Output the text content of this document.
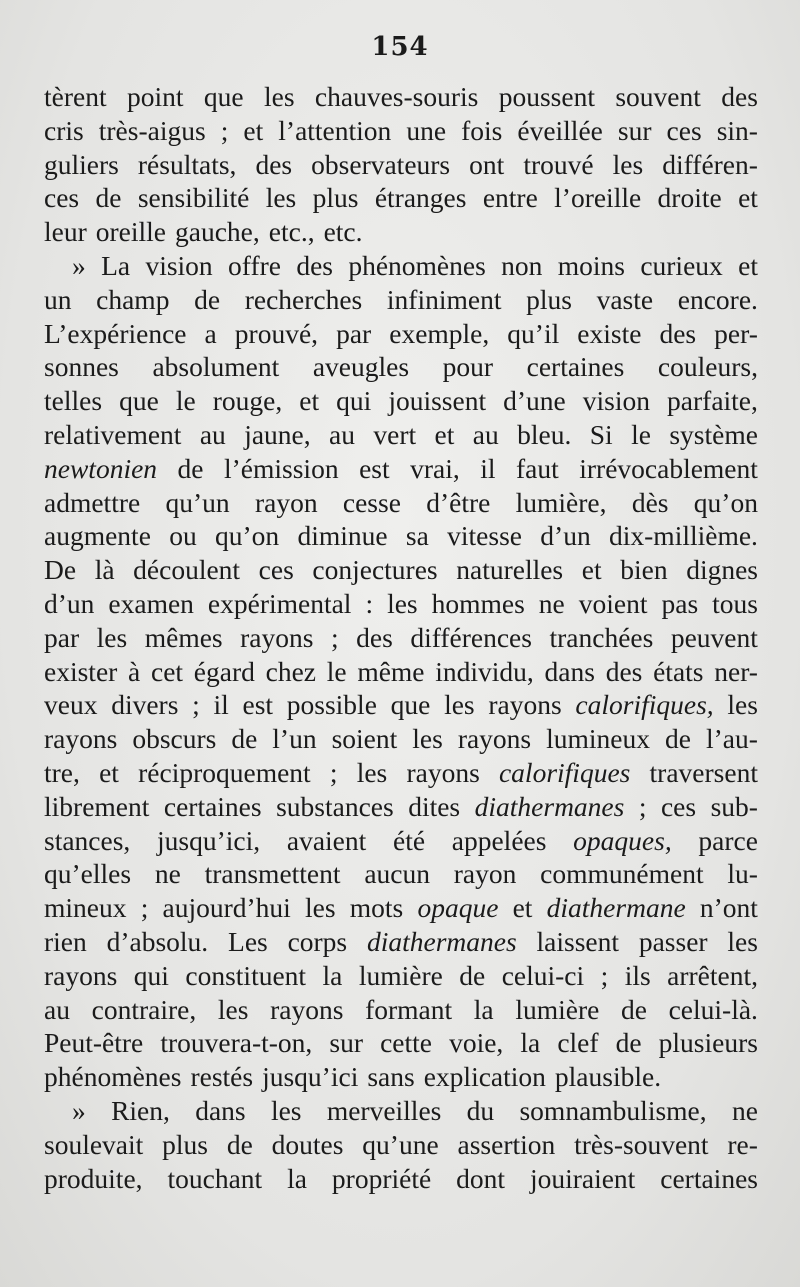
154
tèrent point que les chauves-souris poussent souvent des
cris très-aigus ; et l’attention une fois éveillée sur ces sin-
guliers résultats, des observateurs ont trouvé les différen-
ces de sensibilité les plus étranges entre l’oreille droite et
leur oreille gauche, etc., etc.
» La vision offre des phénomènes non moins curieux et
un champ de recherches infiniment plus vaste encore.
L’expérience a prouvé, par exemple, qu’il existe des per-
sonnes absolument aveugles pour certaines couleurs,
telles que le rouge, et qui jouissent d’une vision parfaite,
relativement au jaune, au vert et au bleu. Si le système
newtonien de l’émission est vrai, il faut irrévocablement
admettre qu’un rayon cesse d’être lumière, dès qu’on
augmente ou qu’on diminue sa vitesse d’un dix-millième.
De là découlent ces conjectures naturelles et bien dignes
d’un examen expérimental : les hommes ne voient pas tous
par les mêmes rayons ; des différences tranchées peuvent
exister à cet égard chez le même individu, dans des états ner-
veux divers ; il est possible que les rayons calorifiques, les
rayons obscurs de l’un soient les rayons lumineux de l’au-
tre, et réciproquement ; les rayons calorifiques traversent
librement certaines substances dites diathermanes ; ces sub-
stances, jusqu’ici, avaient été appelées opaques, parce
qu’elles ne transmettent aucun rayon communément lu-
mineux ; aujourd’hui les mots opaque et diathermane n’ont
rien d’absolu. Les corps diathermanes laissent passer les
rayons qui constituent la lumière de celui-ci ; ils arrêtent,
au contraire, les rayons formant la lumière de celui-là.
Peut-être trouvera-t-on, sur cette voie, la clef de plusieurs
phénomènes restés jusqu’ici sans explication plausible.
» Rien, dans les merveilles du somnambulisme, ne
soulevait plus de doutes qu’une assertion très-souvent re-
produite, touchant la propriété dont jouiraient certaines
